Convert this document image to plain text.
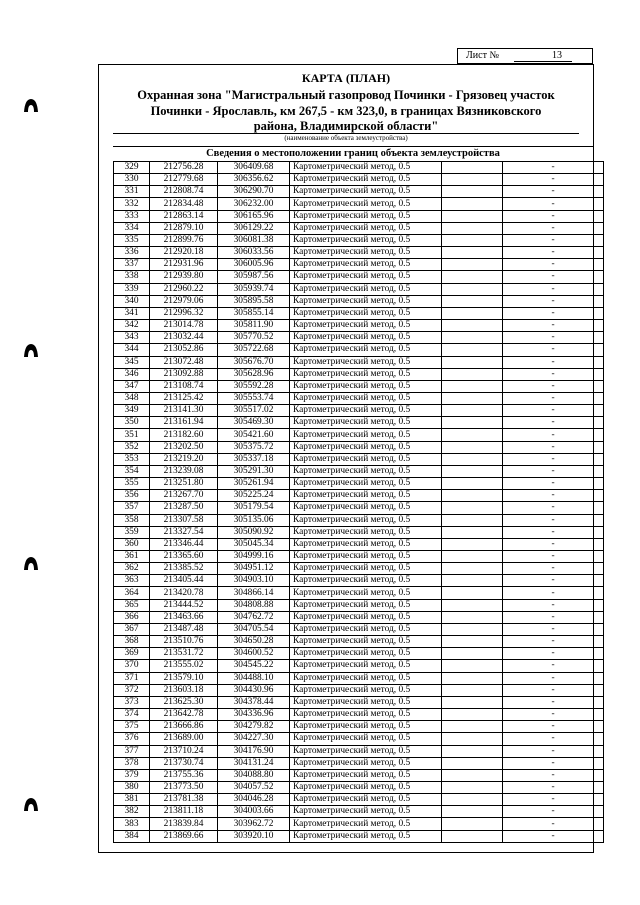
Лист №	13
КАРТА (ПЛАН)
Охранная зона "Магистральный газопровод Починки - Грязовец участок Починки - Ярославль, км 267,5 - км 323,0, в границах Вязниковского района, Владимирской области"
(наименование объекта землеустройства)
Сведения о местоположении границ объекта землеустройства
329	212756.28	306409.68	Картометрический метод, 0.5		-
330	212779.68	306356.62	Картометрический метод, 0.5		-
331	212808.74	306290.70	Картометрический метод, 0.5		-
332	212834.48	306232.00	Картометрический метод, 0.5		-
333	212863.14	306165.96	Картометрический метод, 0.5		-
334	212879.10	306129.22	Картометрический метод, 0.5		-
335	212899.76	306081.38	Картометрический метод, 0.5		-
336	212920.18	306033.56	Картометрический метод, 0.5		-
337	212931.96	306005.96	Картометрический метод, 0.5		-
338	212939.80	305987.56	Картометрический метод, 0.5		-
339	212960.22	305939.74	Картометрический метод, 0.5		-
340	212979.06	305895.58	Картометрический метод, 0.5		-
341	212996.32	305855.14	Картометрический метод, 0.5		-
342	213014.78	305811.90	Картометрический метод, 0.5		-
343	213032.44	305770.52	Картометрический метод, 0.5		-
344	213052.86	305722.68	Картометрический метод, 0.5		-
345	213072.48	305676.70	Картометрический метод, 0.5		-
346	213092.88	305628.96	Картометрический метод, 0.5		-
347	213108.74	305592.28	Картометрический метод, 0.5		-
348	213125.42	305553.74	Картометрический метод, 0.5		-
349	213141.30	305517.02	Картометрический метод, 0.5		-
350	213161.94	305469.30	Картометрический метод, 0.5		-
351	213182.60	305421.60	Картометрический метод, 0.5		-
352	213202.50	305375.72	Картометрический метод, 0.5		-
353	213219.20	305337.18	Картометрический метод, 0.5		-
354	213239.08	305291.30	Картометрический метод, 0.5		-
355	213251.80	305261.94	Картометрический метод, 0.5		-
356	213267.70	305225.24	Картометрический метод, 0.5		-
357	213287.50	305179.54	Картометрический метод, 0.5		-
358	213307.58	305135.06	Картометрический метод, 0.5		-
359	213327.54	305090.92	Картометрический метод, 0.5		-
360	213346.44	305045.34	Картометрический метод, 0.5		-
361	213365.60	304999.16	Картометрический метод, 0.5		-
362	213385.52	304951.12	Картометрический метод, 0.5		-
363	213405.44	304903.10	Картометрический метод, 0.5		-
364	213420.78	304866.14	Картометрический метод, 0.5		-
365	213444.52	304808.88	Картометрический метод, 0.5		-
366	213463.66	304762.72	Картометрический метод, 0.5		-
367	213487.48	304705.54	Картометрический метод, 0.5		-
368	213510.76	304650.28	Картометрический метод, 0.5		-
369	213531.72	304600.52	Картометрический метод, 0.5		-
370	213555.02	304545.22	Картометрический метод, 0.5		-
371	213579.10	304488.10	Картометрический метод, 0.5		-
372	213603.18	304430.96	Картометрический метод, 0.5		-
373	213625.30	304378.44	Картометрический метод, 0.5		-
374	213642.78	304336.96	Картометрический метод, 0.5		-
375	213666.86	304279.82	Картометрический метод, 0.5		-
376	213689.00	304227.30	Картометрический метод, 0.5		-
377	213710.24	304176.90	Картометрический метод, 0.5		-
378	213730.74	304131.24	Картометрический метод, 0.5		-
379	213755.36	304088.80	Картометрический метод, 0.5		-
380	213773.50	304057.52	Картометрический метод, 0.5		-
381	213781.38	304046.28	Картометрический метод, 0.5		-
382	213811.18	304003.66	Картометрический метод, 0.5		-
383	213839.84	303962.72	Картометрический метод, 0.5		-
384	213869.66	303920.10	Картометрический метод, 0.5		-
